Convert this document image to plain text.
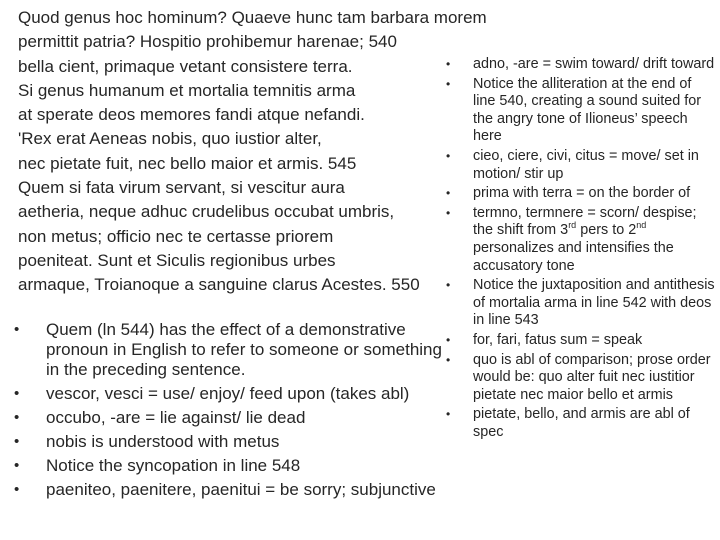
Quod genus hoc hominum? Quaeve hunc tam barbara morem
permittit patria? Hospitio prohibemur harenae; 540
bella cient, primaque vetant consistere terra.
Si genus humanum et mortalia temnitis arma
at sperate deos memores fandi atque nefandi.
'Rex erat Aeneas nobis, quo iustior alter,
nec pietate fuit, nec bello maior et armis. 545
Quem si fata virum servant, si vescitur aura
aetheria, neque adhuc crudelibus occubat umbris,
non metus; officio nec te certasse priorem
poeniteat. Sunt et Siculis regionibus urbes
armaque, Troianoque a sanguine clarus Acestes. 550
• Quem (ln 544) has the effect of a demonstrative pronoun in English to refer to someone or something in the preceding sentence.
• vescor, vesci = use/ enjoy/ feed upon (takes abl)
• occubo, -are = lie against/ lie dead
• nobis is understood with metus
• Notice the syncopation in line 548
• paeniteo, paenitere, paenitui = be sorry; subjunctive
• adno, -are = swim toward/ drift toward
• Notice the alliteration at the end of line 540, creating a sound suited for the angry tone of Ilioneus’ speech here
• cieo, ciere, civi, citus = move/ set in motion/ stir up
• prima with terra = on the border of
• termno, termnere = scorn/ despise; the shift from 3rd pers to 2nd personalizes and intensifies the accusatory tone
• Notice the juxtaposition and antithesis of mortalia arma in line 542 with deos in line 543
• for, fari, fatus sum = speak
• quo is abl of comparison; prose order would be: quo alter fuit nec iustitior pietate nec maior bello et armis
• pietate, bello, and armis are abl of spec
